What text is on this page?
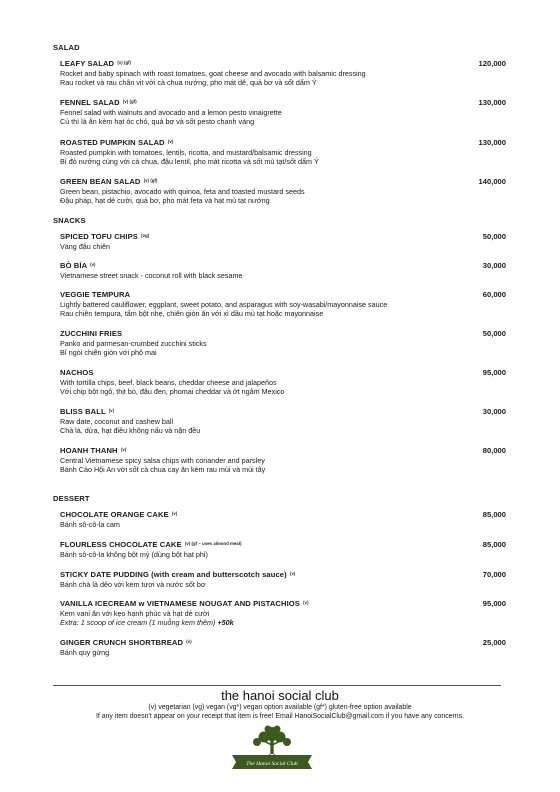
SALAD
LEAFY SALAD $^{(v) (gf)}$	120,000
Rocket and baby spinach with roast tomatoes, goat cheese and avocado with balsamic dressing
Rau rocket và rau chân vịt với cà chua nướng, pho mát dê, quả bơ và sốt dấm Ý
FENNEL SALAD $^{(v) (gf)}$	130,000
Fennel salad with walnuts and avocado and a lemon pesto vinaigrette
Củ thì là ăn kèm hạt óc chó, quả bơ và sốt pesto chanh vàng
ROASTED PUMPKIN SALAD $^{(v)}$	130,000
Roasted pumpkin with tomatoes, lentils, ricotta, and mustard/balsamic dressing
Bí đỏ nướng cùng với cà chua, đậu lentil, pho mát ricotta và sốt mù tạt/sốt dấm Ý
GREEN BEAN SALAD $^{(v) (gf)}$	140,000
Green bean, pistachio, avocado with quinoa, feta and toasted mustard seeds
Đậu pháp, hạt dẻ cười, quả bơ, pho mát feta và hạt mù tạt nướng
SNACKS
SPICED TOFU CHIPS $^{(vg)}$	50,000
Váng đậu chiên
BÒ BÍA $^{(v)}$	30,000
Vietnamese street snack - coconut roll with black sesame
VEGGIE TEMPURA	60,000
Lightly battered cauliflower, eggplant, sweet potato, and asparagus with soy-wasabi/mayonnaise sauce
Rau chiên tempura, tẩm bột nhẹ, chiên giòn ăn với xì dầu mù tạt hoặc mayonnaise
ZUCCHINI FRIES	50,000
Panko and parmesan-crumbed zucchini sticks
Bí ngòi chiên giòn với phô mai
NACHOS	95,000
With tortilla chips, beef, black beans, cheddar cheese and jalapeños
Với chip bột ngô, thịt bò, đậu đen, phomai cheddar và ớt ngâm Mexico
BLISS BALL $^{(v)}$	30,000
Raw date, coconut and cashew ball
Chà là, dừa, hạt điều không nấu và nặn đều
HOANH THANH $^{(v)}$	80,000
Central Vietnamese spicy salsa chips with coriander and parsley
Bánh Cảo Hội An với sốt cà chua cay ăn kèm rau mùi và mùi tây
DESSERT
CHOCOLATE ORANGE CAKE $^{(v)}$	85,000
Bánh sô-cô-la cam
FLOURLESS CHOCOLATE CAKE $^{(v) (gf - uses almond meal)}$	85,000
Bánh sô-cô-la không bột mỳ (dùng bột hạt phỉ)
STICKY DATE PUDDING (with cream and butterscotch sauce) $^{(v)}$	70,000
Bánh chà là dẻo với kem tươi và nước sốt bơ
VANILLA ICECREAM w VIETNAMESE NOUGAT AND PISTACHIOS $^{(v)}$	95,000
Kem vani ăn với kẹo hạnh phúc và hạt dẻ cười
Extra: 1 scoop of ice cream (1 muỗng kem thêm) +50k
GINGER CRUNCH SHORTBREAD $^{(v)}$	25,000
Bánh quy gừng
the hanoi social club
(v) vegetarian (vg) vegan (vg*) vegan option available (gf*) gluten-free option available
If any item doesn't appear on your receipt that item is free! Email HanoiSocialClub@gmail.com if you have any concerns.
The Hanoi Social Club
